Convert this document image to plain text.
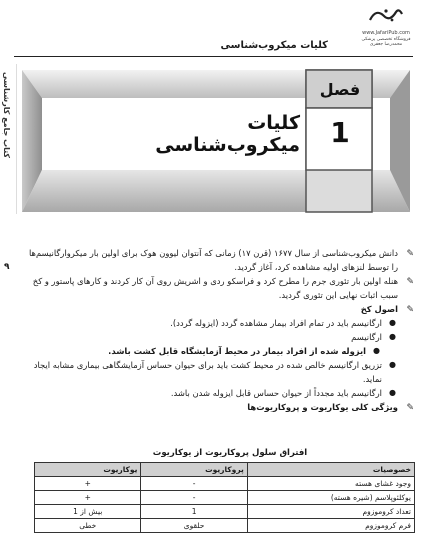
کلیات میکروب‌شناسی
www.JafariPub.com
فروشگاه تخصصی پزشکی محمدرضا جعفری
کتاب جامع کارشناسی
۹
فصل
1
کلیات میکروب‌شناسی

✎
دانش میکروب‌شناسی از سال ۱۶۷۷ (قرن ۱۷) زمانی که آنتوان لیوون هوک برای اولین بار میکروارگانیسم‌ها را توسط لنزهای اولیه مشاهده کرد، آغاز گردید.

✎
هنله اولین بار تئوری جرم را مطرح کرد و فراسکو ردی و اشریش روی آن کار کردند و کارهای پاستور و کخ سبب اثبات نهایی این تئوری گردید.

✎
اصول کخ

●
ارگانیسم باید در تمام افراد بیمار مشاهده گردد (ایزوله گردد).
●
ارگانیسم
●
ایزوله شده از افراد بیمار در محیط آزمایشگاه قابل کشت باشد.
●
تزریق ارگانیسم خالص شده در محیط کشت باید برای حیوان حساس آزمایشگاهی بیماری مشابه ایجاد نماید.
●
ارگانیسم باید مجدداً از حیوان حساس قابل ایزوله شدن باشد.

✎
ویژگی کلی یوکاریوت و پروکاریوت‌ها

افتراق سلول پروکاریوت از یوکاریوت
خصوصیات	پروکاریوت	یوکاریوت
وجود غشای هسته	-	+
یوکلئوپلاسم (شیره هسته)	-	+
تعداد کروموزوم	1	بیش از 1
فرم کروموزوم	حلقوی	خطی
